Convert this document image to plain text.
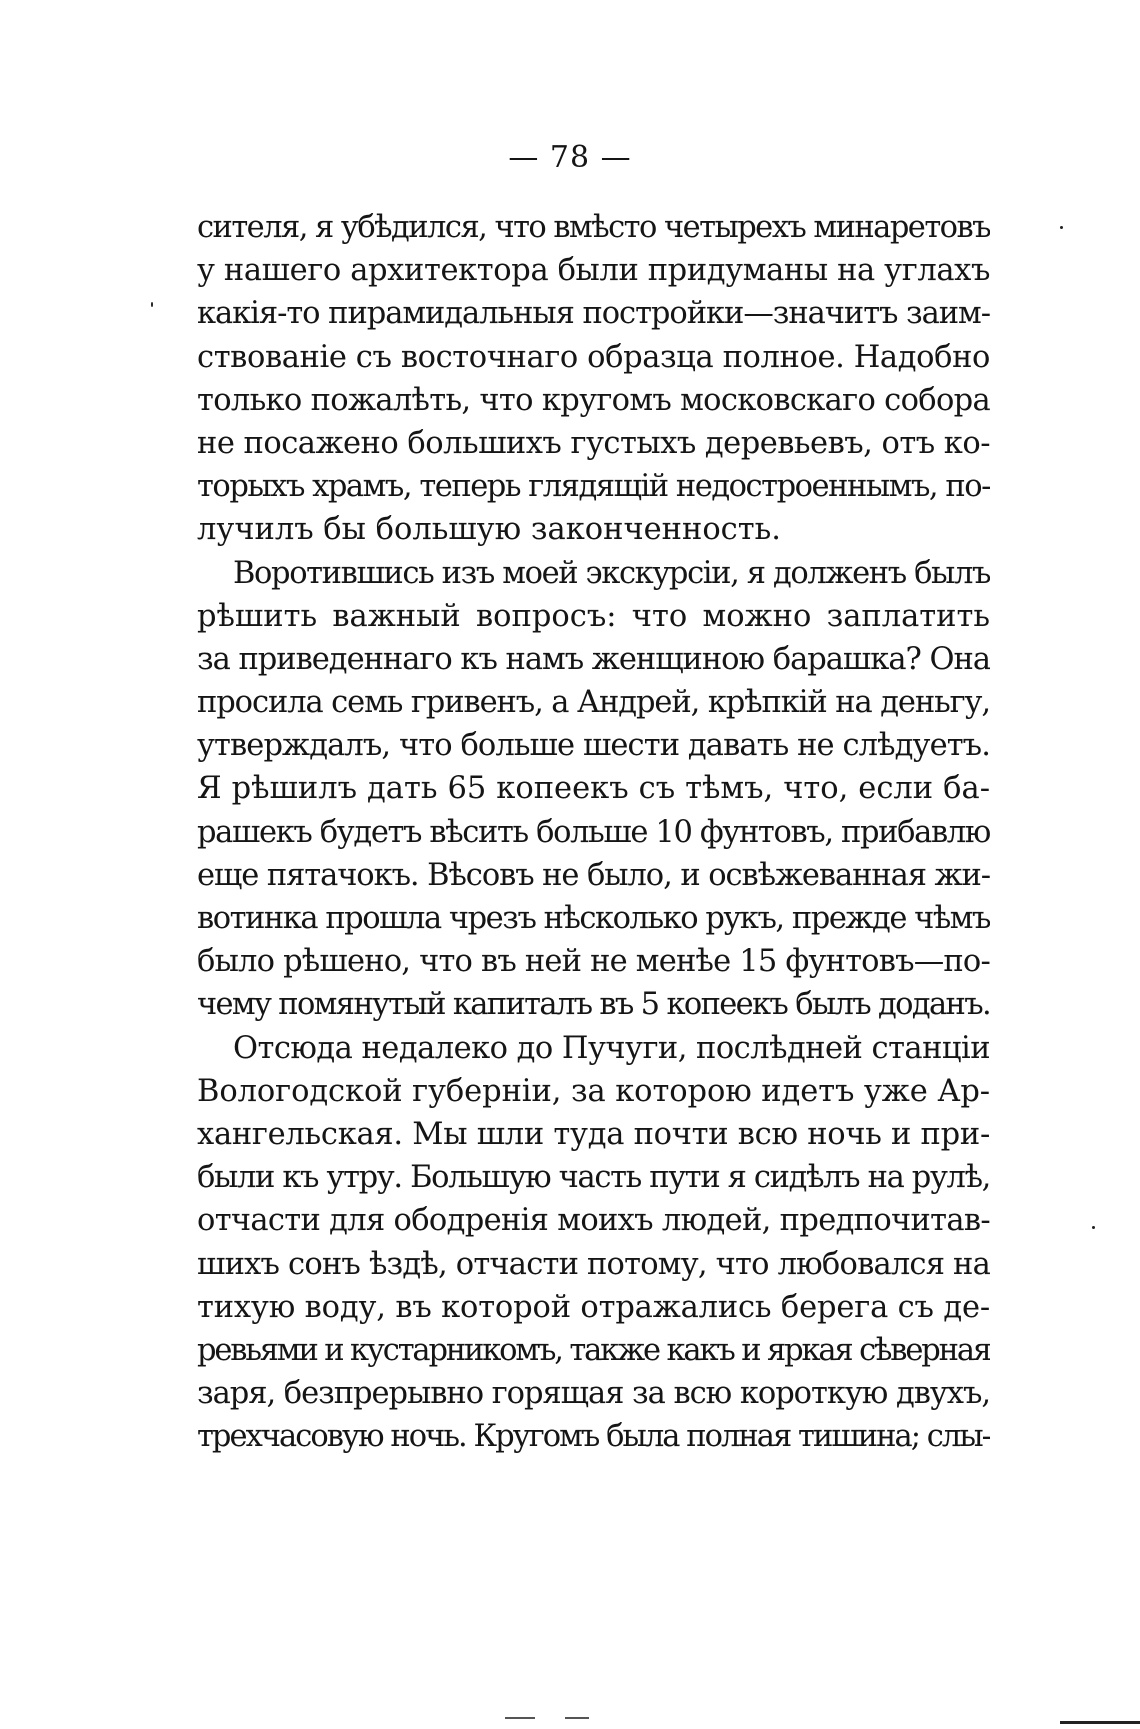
— 78 —
сителя, я убѣдился, что вмѣсто четырехъ минаретовъ
у нашего архитектора были придуманы на углахъ
какія-то пирамидальныя постройки—значитъ заим-
ствованіе съ восточнаго образца полное. Надобно
только пожалѣть, что кругомъ московскаго собора
не посажено большихъ густыхъ деревьевъ, отъ ко-
торыхъ храмъ, теперь глядящій недостроеннымъ, по-
лучилъ бы большую законченность.
Воротившись изъ моей экскурсіи, я долженъ былъ
рѣшить важный вопросъ: что можно заплатить
за приведеннаго къ намъ женщиною барашка? Она
просила семь гривенъ, а Андрей, крѣпкій на деньгу,
утверждалъ, что больше шести давать не слѣдуетъ.
Я рѣшилъ дать 65 копеекъ съ тѣмъ, что, если ба-
рашекъ будетъ вѣсить больше 10 фунтовъ, прибавлю
еще пятачокъ. Вѣсовъ не было, и освѣжеванная жи-
вотинка прошла чрезъ нѣсколько рукъ, прежде чѣмъ
было рѣшено, что въ ней не менѣе 15 фунтовъ—по-
чему помянутый капиталъ въ 5 копеекъ былъ доданъ.
Отсюда недалеко до Пучуги, послѣдней станціи
Вологодской губерніи, за которою идетъ уже Ар-
хангельская. Мы шли туда почти всю ночь и при-
были къ утру. Большую часть пути я сидѣлъ на рулѣ,
отчасти для ободренія моихъ людей, предпочитав-
шихъ сонъ ѣздѣ, отчасти потому, что любовался на
тихую воду, въ которой отражались берега съ де-
ревьями и кустарникомъ, также какъ и яркая сѣверная
заря, безпрерывно горящая за всю короткую двухъ,
трехчасовую ночь. Кругомъ была полная тишина; слы-
